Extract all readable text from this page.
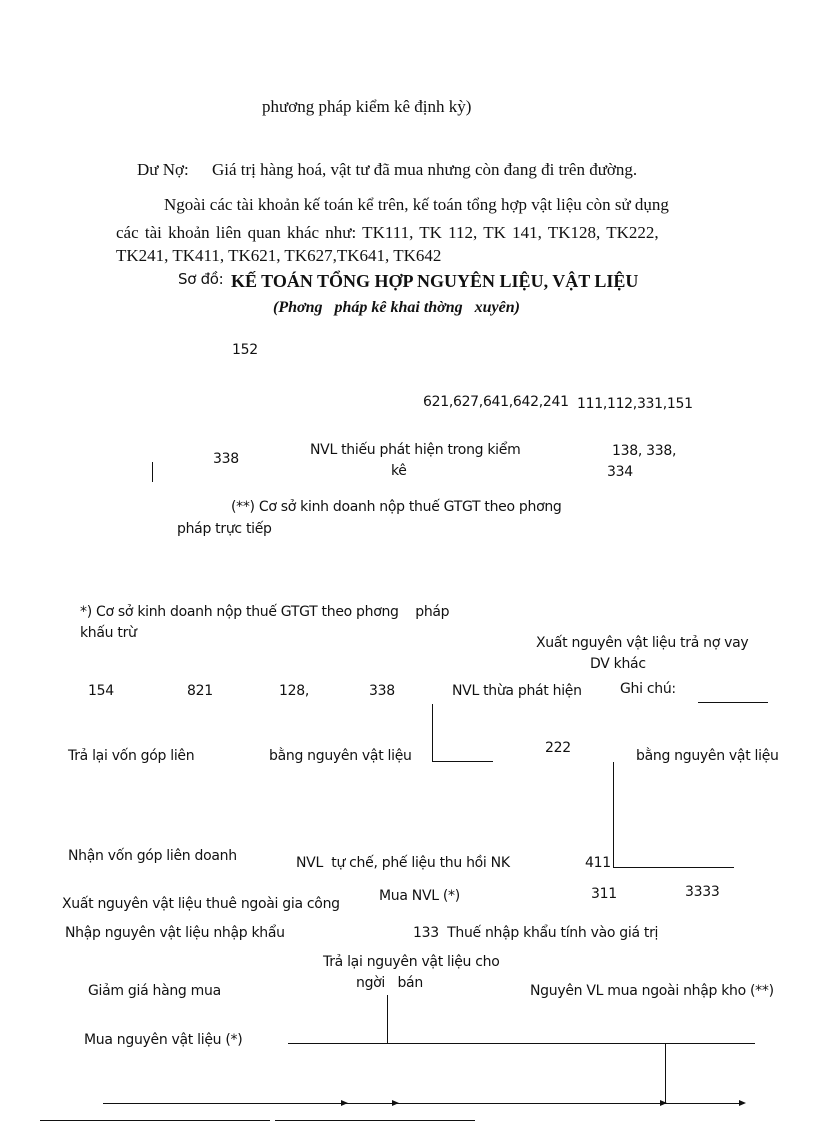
phương pháp kiểm kê định kỳ)
Dư Nợ: Giá trị hàng hoá, vật tư đã mua nhưng còn đang đi trên đường.
Ngoài các tài khoản kế toán kể trên, kế toán tổng hợp vật liệu còn sử dụng
các tài khoản liên quan khác như: TK111, TK 112, TK 141, TK128, TK222,
TK241, TK411, TK621, TK627,TK641, TK642
Sơ đồ: KẾ TOÁN TỔNG HỢP NGUYÊN LIỆU, VẬT LIỆU
(Phơng   pháp kê khai thờng   xuyên)
152
621,627,641,642,241 111,112,331,151
338
NVL thiếu phát hiện trong kiểm
kê
138, 338,
334
(**) Cơ sở kinh doanh nộp thuế GTGT theo phơng
pháp trực tiếp
*) Cơ sở kinh doanh nộp thuế GTGT theo phơng    pháp
khấu trừ
Xuất nguyên vật liệu trả nợ vay
DV khác
154	821	128,	338	NVL thừa phát hiện	Ghi chú:
Trả lại vốn góp liên	bằng nguyên vật liệu	222	bằng nguyên vật liệu
Nhận vốn góp liên doanh	NVL  tự chế, phế liệu thu hồi NK	411
Xuất nguyên vật liệu thuê ngoài gia công	Mua NVL (*)	311	3333
Nhập nguyên vật liệu nhập khẩu	133  Thuế nhập khẩu tính vào giá trị
Trả lại nguyên vật liệu cho
ngời   bán
Giảm giá hàng mua	Nguyên VL mua ngoài nhập kho (**)
Mua nguyên vật liệu (*)
